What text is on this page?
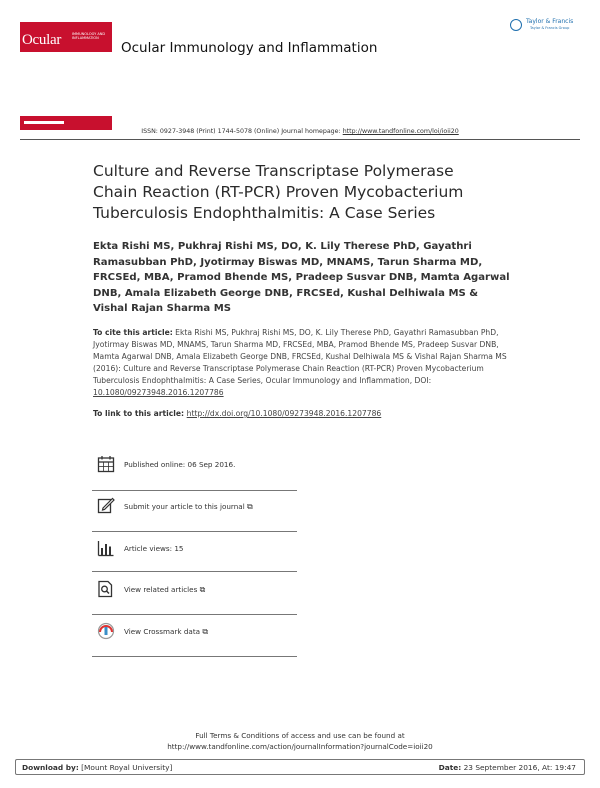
Ocular	IMMUNOLOGY AND INFLAMMATION
Ocular Immunology and Inflammation
Taylor & Francis
Taylor & Francis Group
ISSN: 0927-3948 (Print) 1744-5078 (Online) Journal homepage: http://www.tandfonline.com/loi/ioii20
Culture and Reverse Transcriptase Polymerase Chain Reaction (RT-PCR) Proven Mycobacterium Tuberculosis Endophthalmitis: A Case Series
Ekta Rishi MS, Pukhraj Rishi MS, DO, K. Lily Therese PhD, Gayathri Ramasubban PhD, Jyotirmay Biswas MD, MNAMS, Tarun Sharma MD, FRCSEd, MBA, Pramod Bhende MS, Pradeep Susvar DNB, Mamta Agarwal DNB, Amala Elizabeth George DNB, FRCSEd, Kushal Delhiwala MS & Vishal Rajan Sharma MS
To cite this article: Ekta Rishi MS, Pukhraj Rishi MS, DO, K. Lily Therese PhD, Gayathri Ramasubban PhD, Jyotirmay Biswas MD, MNAMS, Tarun Sharma MD, FRCSEd, MBA, Pramod Bhende MS, Pradeep Susvar DNB, Mamta Agarwal DNB, Amala Elizabeth George DNB, FRCSEd, Kushal Delhiwala MS & Vishal Rajan Sharma MS (2016): Culture and Reverse Transcriptase Polymerase Chain Reaction (RT-PCR) Proven Mycobacterium Tuberculosis Endophthalmitis: A Case Series, Ocular Immunology and Inflammation, DOI: 10.1080/09273948.2016.1207786
To link to this article: http://dx.doi.org/10.1080/09273948.2016.1207786
Published online: 06 Sep 2016.
Submit your article to this journal ⧉
Article views: 15
View related articles ⧉
View Crossmark data ⧉
Full Terms & Conditions of access and use can be found at
http://www.tandfonline.com/action/journalInformation?journalCode=ioii20
Download by: [Mount Royal University]	Date: 23 September 2016, At: 19:47
